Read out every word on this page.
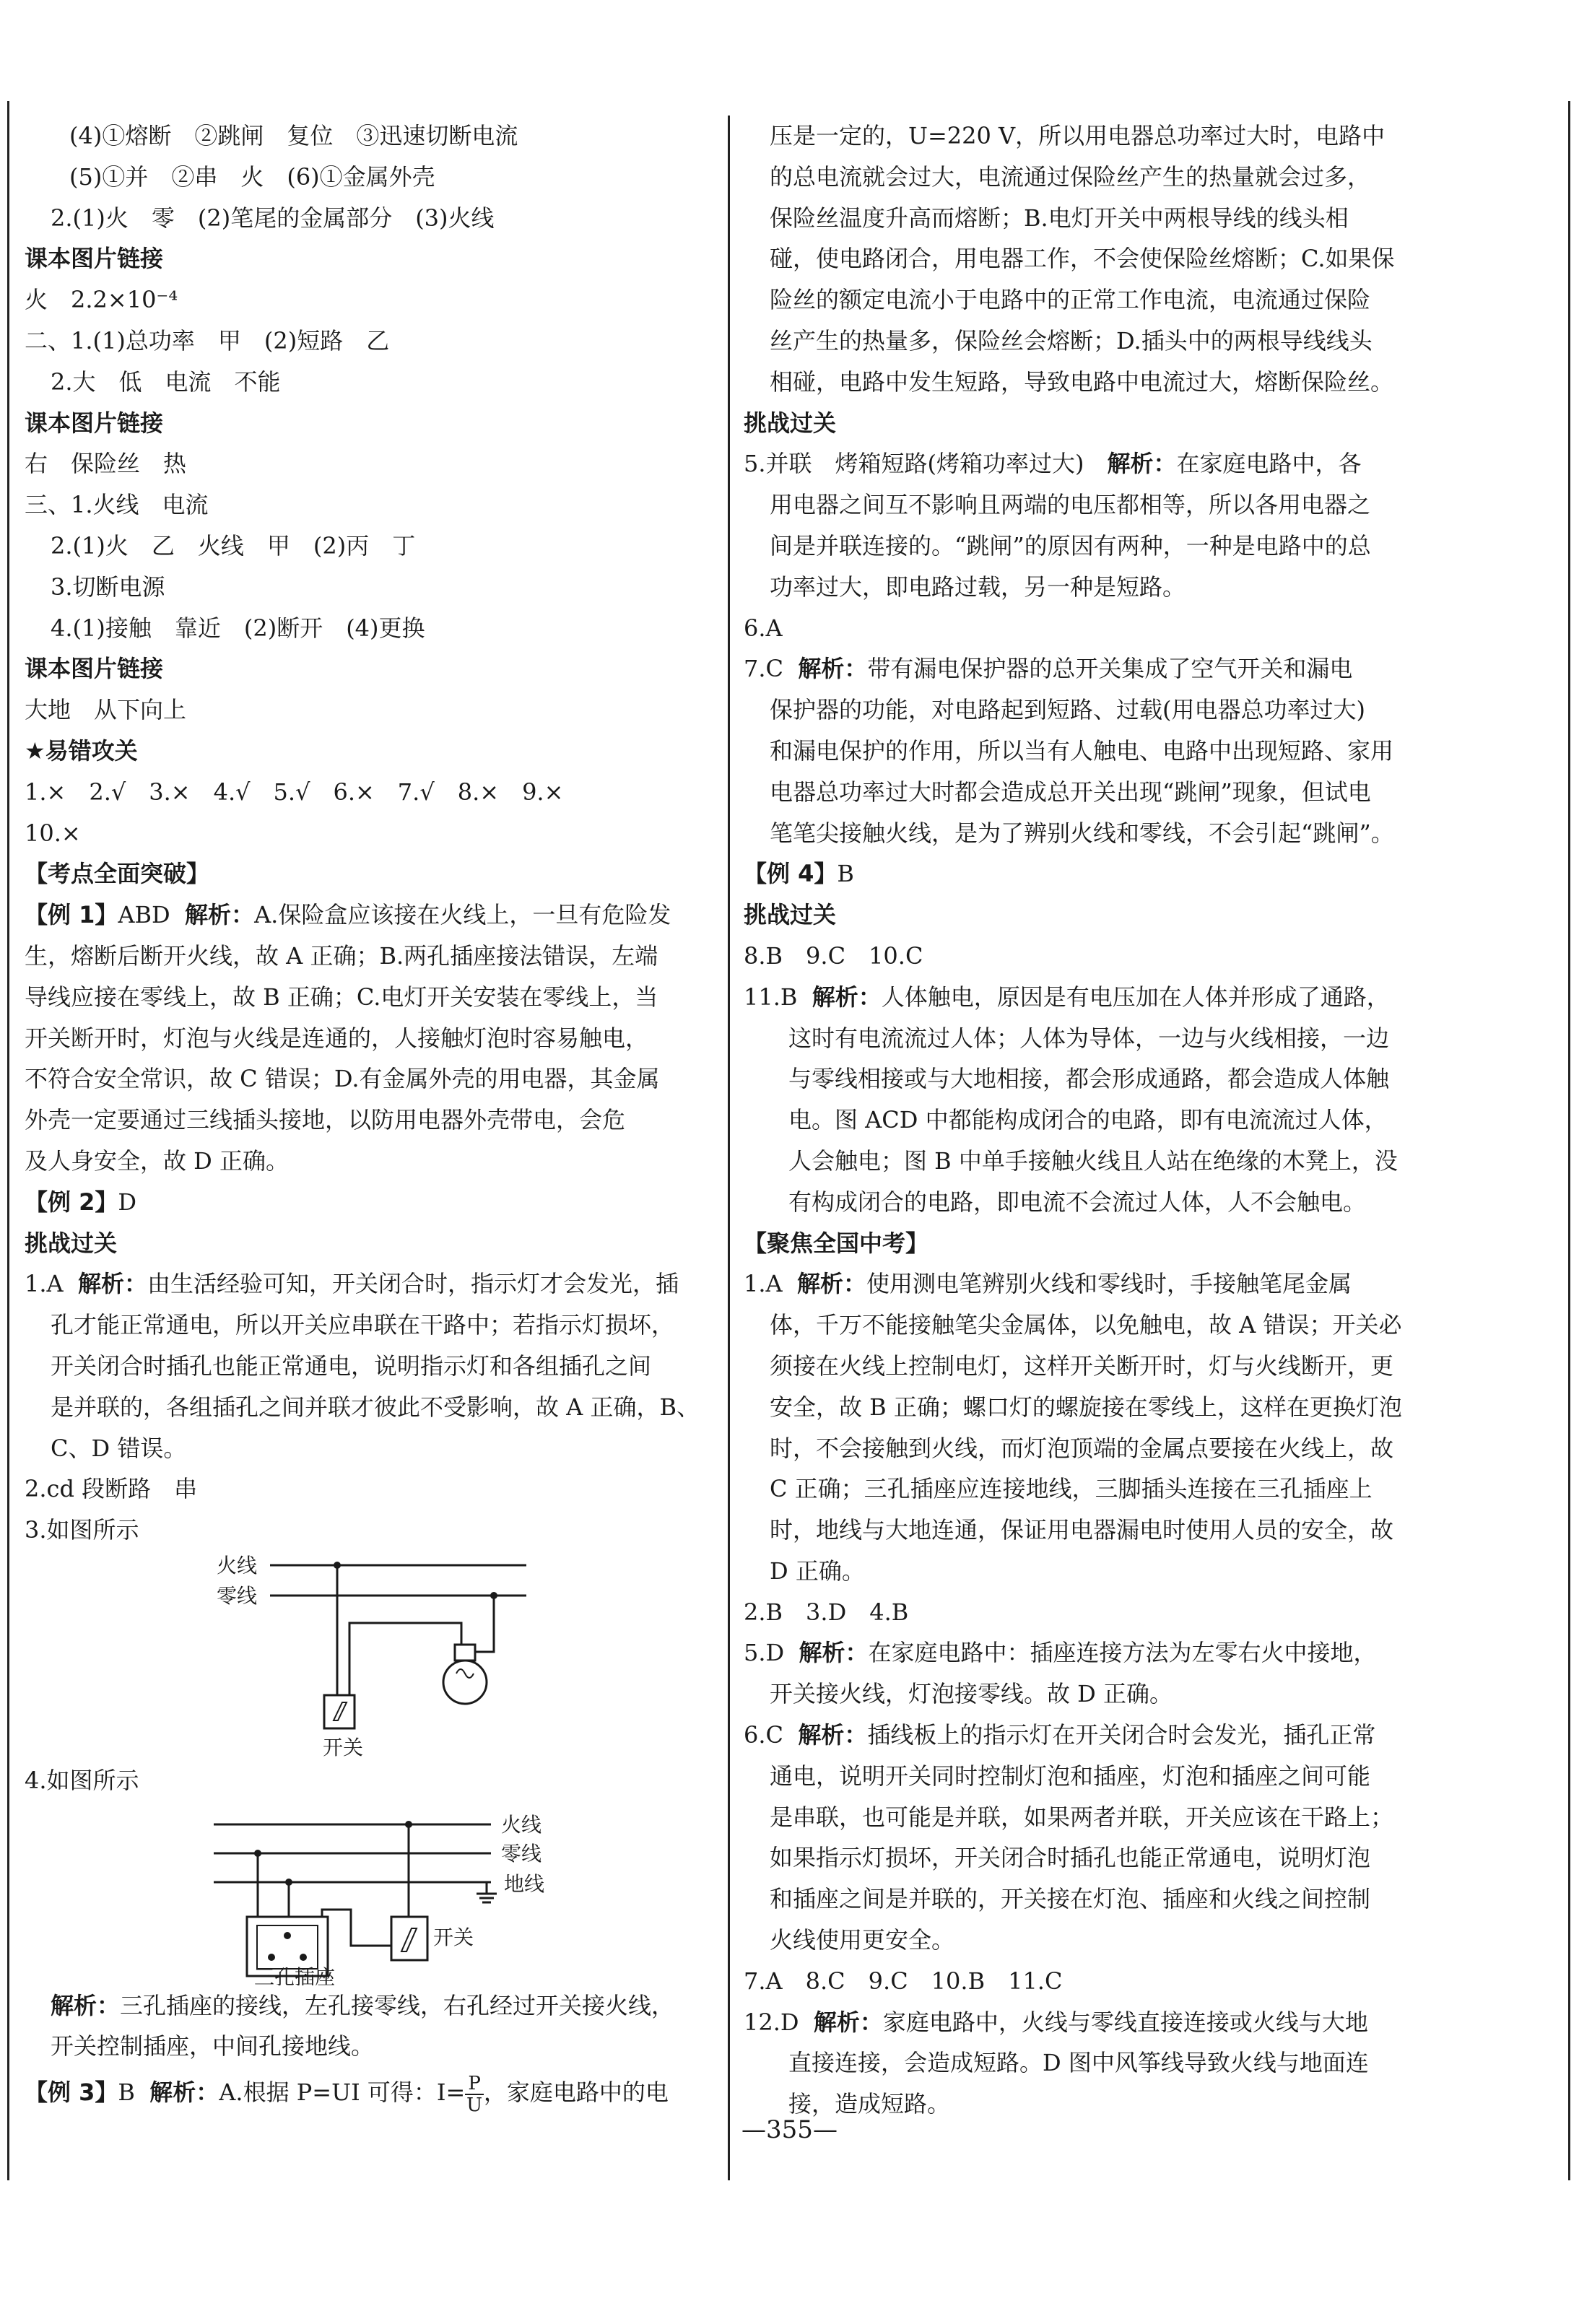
(4)①熔断　②跳闸　复位　③迅速切断电流
(5)①并　②串　火　(6)①金属外壳
2.(1)火　零　(2)笔尾的金属部分　(3)火线
课本图片链接
火　2.2×10⁻⁴
二、1.(1)总功率　甲　(2)短路　乙
2.大　低　电流　不能
课本图片链接
右　保险丝　热
三、1.火线　电流
2.(1)火　乙　火线　甲　(2)丙　丁
3.切断电源
4.(1)接触　靠近　(2)断开　(4)更换
课本图片链接
大地　从下向上
★易错攻关
1.×　2.√　3.×　4.√　5.√　6.×　7.√　8.×　9.×
10.×
【考点全面突破】
【例 1】ABD 解析：A.保险盒应该接在火线上，一旦有危险发
生，熔断后断开火线，故 A 正确；B.两孔插座接法错误，左端
导线应接在零线上，故 B 正确；C.电灯开关安装在零线上，当
开关断开时，灯泡与火线是连通的，人接触灯泡时容易触电，
不符合安全常识，故 C 错误；D.有金属外壳的用电器，其金属
外壳一定要通过三线插头接地，以防用电器外壳带电，会危
及人身安全，故 D 正确。
【例 2】D
挑战过关
1.A 解析：由生活经验可知，开关闭合时，指示灯才会发光，插
孔才能正常通电，所以开关应串联在干路中；若指示灯损坏，
开关闭合时插孔也能正常通电，说明指示灯和各组插孔之间
是并联的，各组插孔之间并联才彼此不受影响，故 A 正确，B、
C、D 错误。
2.cd 段断路　串
3.如图所示
火线
零线
开关
4.如图所示
火线
零线
地线
开关
三孔插座
解析：三孔插座的接线，左孔接零线，右孔经过开关接火线，
开关控制插座，中间孔接地线。
【例 3】B 解析：A.根据 P=UI 可得：$I= \frac{P}{U}$ ，家庭电路中的电
压是一定的，U=220 V，所以用电器总功率过大时，电路中
的总电流就会过大，电流通过保险丝产生的热量就会过多，
保险丝温度升高而熔断；B.电灯开关中两根导线的线头相
碰，使电路闭合，用电器工作，不会使保险丝熔断；C.如果保
险丝的额定电流小于电路中的正常工作电流，电流通过保险
丝产生的热量多，保险丝会熔断；D.插头中的两根导线线头
相碰，电路中发生短路，导致电路中电流过大，熔断保险丝。
挑战过关
5.并联　烤箱短路(烤箱功率过大)　解析：在家庭电路中，各
用电器之间互不影响且两端的电压都相等，所以各用电器之
间是并联连接的。“跳闸”的原因有两种，一种是电路中的总
功率过大，即电路过载，另一种是短路。
6.A
7.C 解析：带有漏电保护器的总开关集成了空气开关和漏电
保护器的功能，对电路起到短路、过载(用电器总功率过大)
和漏电保护的作用，所以当有人触电、电路中出现短路、家用
电器总功率过大时都会造成总开关出现“跳闸”现象，但试电
笔笔尖接触火线，是为了辨别火线和零线，不会引起“跳闸”。
【例 4】B
挑战过关
8.B　9.C　10.C
11.B 解析：人体触电，原因是有电压加在人体并形成了通路，
这时有电流流过人体；人体为导体，一边与火线相接，一边
与零线相接或与大地相接，都会形成通路，都会造成人体触
电。图 ACD 中都能构成闭合的电路，即有电流流过人体，
人会触电；图 B 中单手接触火线且人站在绝缘的木凳上，没
有构成闭合的电路，即电流不会流过人体，人不会触电。
【聚焦全国中考】
1.A 解析：使用测电笔辨别火线和零线时，手接触笔尾金属
体，千万不能接触笔尖金属体，以免触电，故 A 错误；开关必
须接在火线上控制电灯，这样开关断开时，灯与火线断开，更
安全，故 B 正确；螺口灯的螺旋接在零线上，这样在更换灯泡
时，不会接触到火线，而灯泡顶端的金属点要接在火线上，故
C 正确；三孔插座应连接地线，三脚插头连接在三孔插座上
时，地线与大地连通，保证用电器漏电时使用人员的安全，故
D 正确。
2.B　3.D　4.B
5.D 解析：在家庭电路中：插座连接方法为左零右火中接地，
开关接火线，灯泡接零线。故 D 正确。
6.C 解析：插线板上的指示灯在开关闭合时会发光，插孔正常
通电，说明开关同时控制灯泡和插座，灯泡和插座之间可能
是串联，也可能是并联，如果两者并联，开关应该在干路上；
如果指示灯损坏，开关闭合时插孔也能正常通电，说明灯泡
和插座之间是并联的，开关接在灯泡、插座和火线之间控制
火线使用更安全。
7.A　8.C　9.C　10.B　11.C
12.D 解析：家庭电路中，火线与零线直接连接或火线与大地
直接连接，会造成短路。D 图中风筝线导致火线与地面连
接，造成短路。
—355—
